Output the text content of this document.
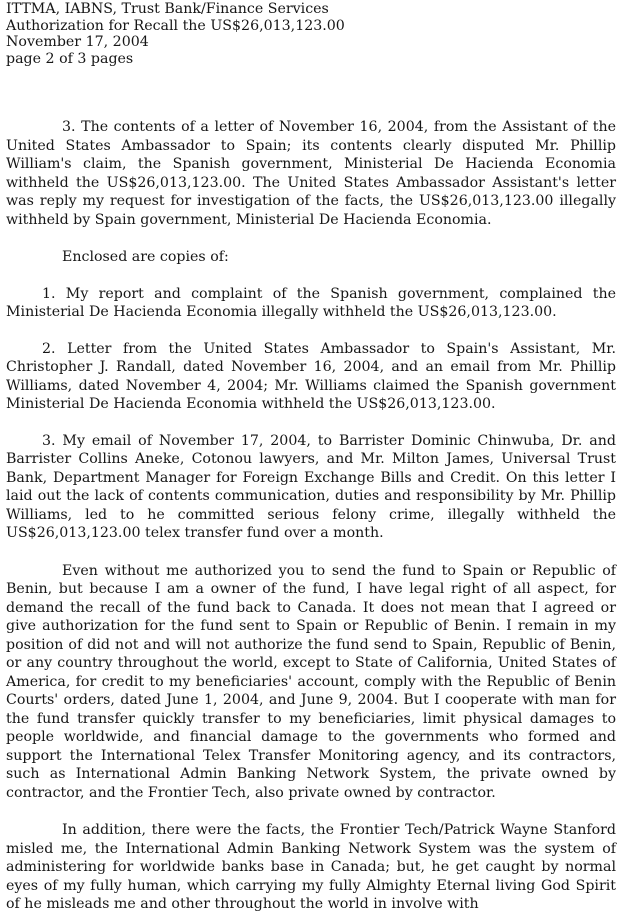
ITTMA, IABNS, Trust Bank/Finance Services
Authorization for Recall the US$26,013,123.00
November 17, 2004
page 2 of 3 pages

3. The contents of a letter of November 16, 2004, from the Assistant of the United States Ambassador to Spain; its contents clearly disputed Mr. Phillip William's claim, the Spanish government, Ministerial De Hacienda Economia withheld the US$26,013,123.00. The United States Ambassador Assistant's letter was reply my request for investigation of the facts, the US$26,013,123.00 illegally withheld by Spain government, Ministerial De Hacienda Economia.

Enclosed are copies of:

1. My report and complaint of the Spanish government, complained the Ministerial De Hacienda Economia illegally withheld the US$26,013,123.00.

2. Letter from the United States Ambassador to Spain's Assistant, Mr. Christopher J. Randall, dated November 16, 2004, and an email from Mr. Phillip Williams, dated November 4, 2004; Mr. Williams claimed the Spanish government Ministerial De Hacienda Economia withheld the US$26,013,123.00.

3. My email of November 17, 2004, to Barrister Dominic Chinwuba, Dr. and Barrister Collins Aneke, Cotonou lawyers, and Mr. Milton James, Universal Trust Bank, Department Manager for Foreign Exchange Bills and Credit. On this letter I laid out the lack of contents communication, duties and responsibility by Mr. Phillip Williams, led to he committed serious felony crime, illegally withheld the US$26,013,123.00 telex transfer fund over a month.

Even without me authorized you to send the fund to Spain or Republic of Benin, but because I am a owner of the fund, I have legal right of all aspect, for demand the recall of the fund back to Canada. It does not mean that I agreed or give authorization for the fund sent to Spain or Republic of Benin. I remain in my position of did not and will not authorize the fund send to Spain, Republic of Benin, or any country throughout the world, except to State of California, United States of America, for credit to my beneficiaries' account, comply with the Republic of Benin Courts' orders, dated June 1, 2004, and June 9, 2004. But I cooperate with man for the fund transfer quickly transfer to my beneficiaries, limit physical damages to people worldwide, and financial damage to the governments who formed and support the International Telex Transfer Monitoring agency, and its contractors, such as International Admin Banking Network System, the private owned by contractor, and the Frontier Tech, also private owned by contractor.

In addition, there were the facts, the Frontier Tech/Patrick Wayne Stanford misled me, the International Admin Banking Network System was the system of administering for worldwide banks base in Canada; but, he get caught by normal eyes of my fully human, which carrying my fully Almighty Eternal living God Spirit of he misleads me and other throughout the world in involve with
